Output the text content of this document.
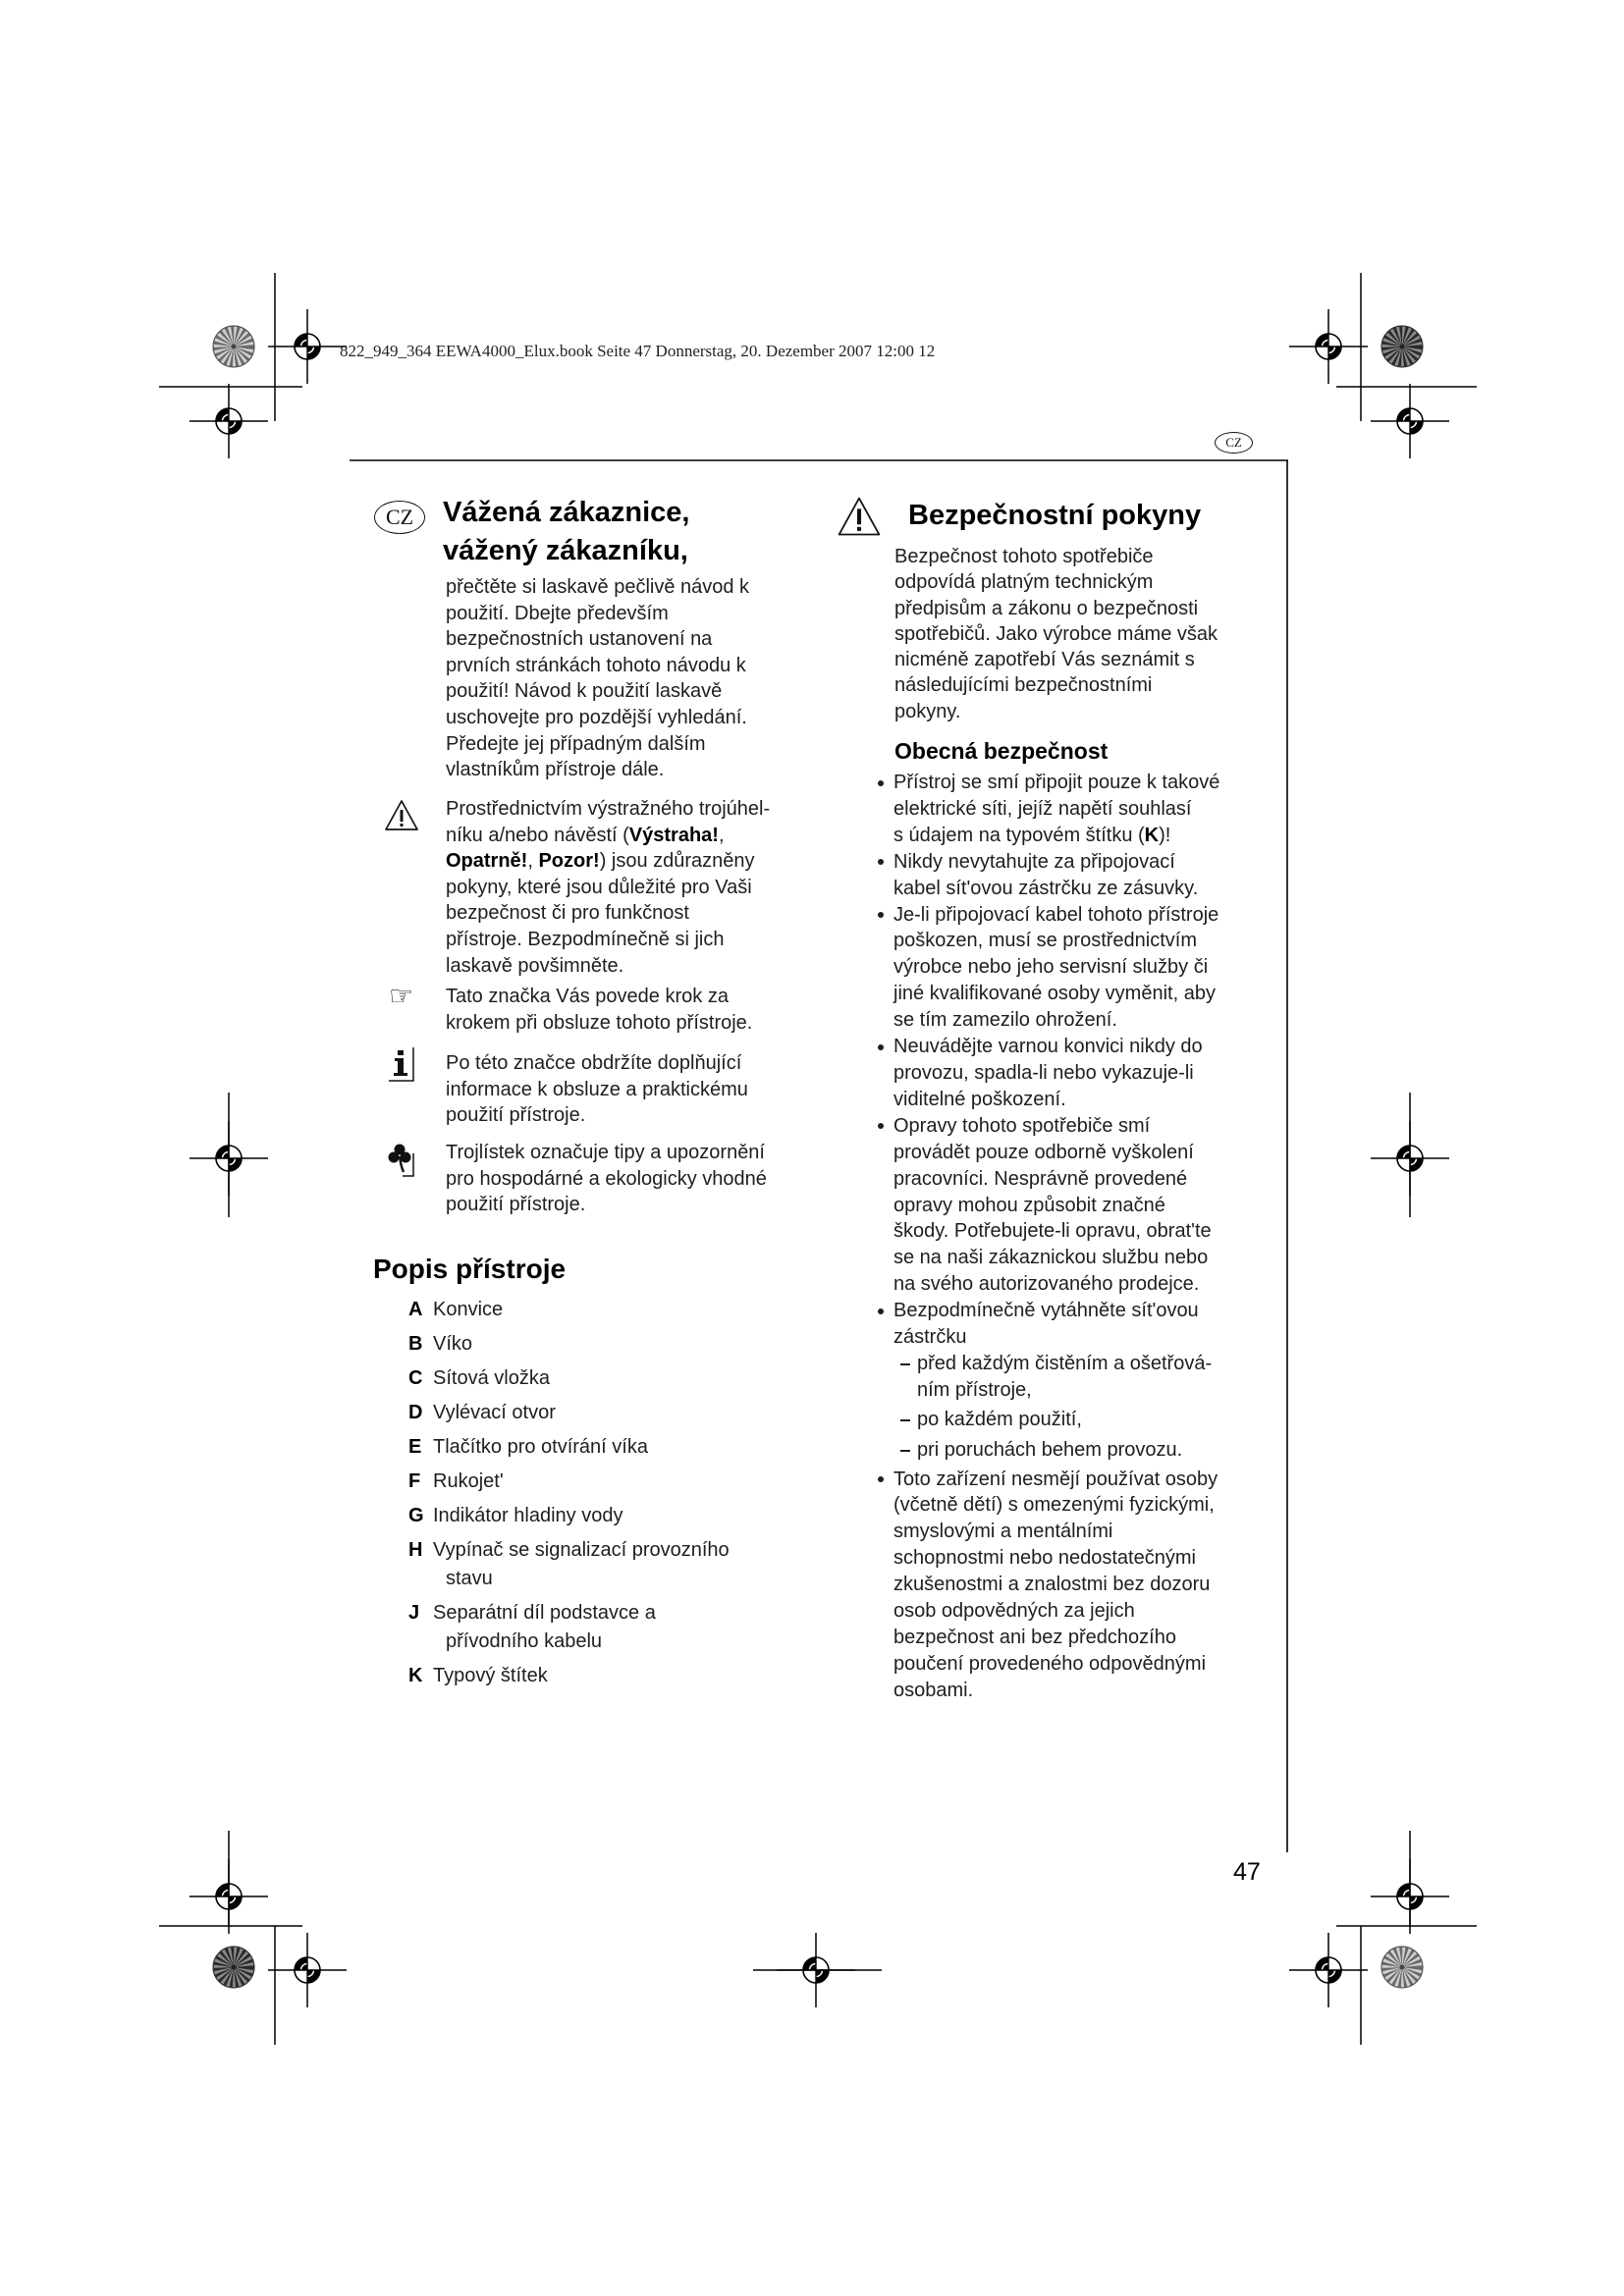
822_949_364 EEWA4000_Elux.book Seite 47 Donnerstag, 20. Dezember 2007 12:00 12
CZ
CZ	Vážená zákaznice,
vážený zákazníku,
přečtěte si laskavě pečlivě návod k
použití. Dbejte především
bezpečnostních ustanovení na
prvních stránkách tohoto návodu k
použití! Návod k použití laskavě
uschovejte pro pozdější vyhledání.
Předejte jej případným dalším
vlastníkům přístroje dále.
Prostřednictvím výstražného trojúhel-
níku a/nebo návěstí (Výstraha!,
Opatrně!, Pozor!) jsou zdůrazněny
pokyny, které jsou důležité pro Vaši
bezpečnost či pro funkčnost
přístroje. Bezpodmínečně si jich
laskavě povšimněte.
☞ Tato značka Vás povede krok za
krokem při obsluze tohoto přístroje.
Po této značce obdržíte doplňující
informace k obsluze a praktickému
použití přístroje.
Trojlístek označuje tipy a upozornění
pro hospodárné a ekologicky vhodné
použití přístroje.
Popis přístroje
A Konvice
B Víko
C Sítová vložka
D Vylévací otvor
E Tlačítko pro otvírání víka
F Rukojet'
G Indikátor hladiny vody
H Vypínač se signalizací provozního
stavu
J Separátní díl podstavce a
přívodního kabelu
K Typový štítek
Bezpečnostní pokyny
Bezpečnost tohoto spotřebiče
odpovídá platným technickým
předpisům a zákonu o bezpečnosti
spotřebičů. Jako výrobce máme však
nicméně zapotřebí Vás seznámit s
následujícími bezpečnostními
pokyny.
Obecná bezpečnost
Přístroj se smí připojit pouze k takové
elektrické síti, jejíž napětí souhlasí
s údajem na typovém štítku (K)!
Nikdy nevytahujte za připojovací
kabel sít'ovou zástrčku ze zásuvky.
Je-li připojovací kabel tohoto přístroje
poškozen, musí se prostřednictvím
výrobce nebo jeho servisní služby či
jiné kvalifikované osoby vyměnit, aby
se tím zamezilo ohrožení.
Neuvádějte varnou konvici nikdy do
provozu, spadla-li nebo vykazuje-li
viditelné poškození.
Opravy tohoto spotřebiče smí
provádět pouze odborně vyškolení
pracovníci. Nesprávně provedené
opravy mohou způsobit značné
škody. Potřebujete-li opravu, obrat'te
se na naši zákaznickou službu nebo
na svého autorizovaného prodejce.
Bezpodmínečně vytáhněte sít'ovou
zástrčku
před každým čistěním a ošetřová-
ním přístroje,
po každém použití,
pri poruchách behem provozu.
Toto zařízení nesmějí používat osoby
(včetně dětí) s omezenými fyzickými,
smyslovými a mentálními
schopnostmi nebo nedostatečnými
zkušenostmi a znalostmi bez dozoru
osob odpovědných za jejich
bezpečnost ani bez předchozího
poučení provedeného odpovědnými
osobami.
47
